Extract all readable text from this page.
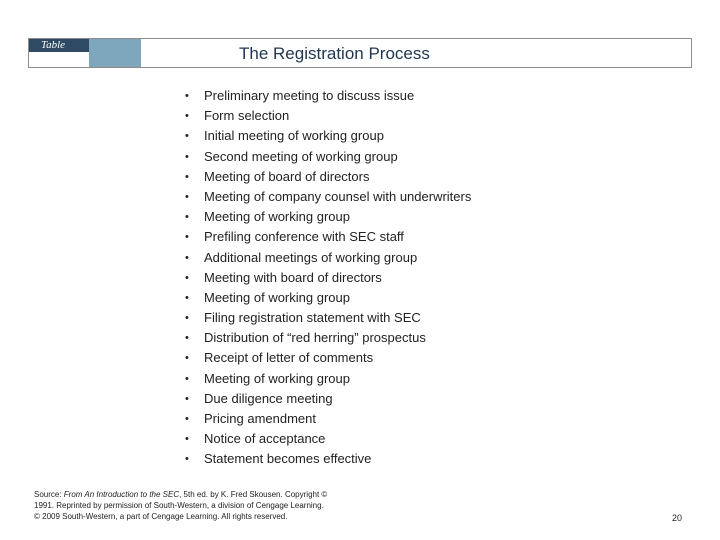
Table	The Registration Process
•	Preliminary meeting to discuss issue
•	Form selection
•	Initial meeting of working group
•	Second meeting of working group
•	Meeting of board of directors
•	Meeting of company counsel with underwriters
•	Meeting of working group
•	Prefiling conference with SEC staff
•	Additional meetings of working group
•	Meeting with board of directors
•	Meeting of working group
•	Filing registration statement with SEC
•	Distribution of “red herring” prospectus
•	Receipt of letter of comments
•	Meeting of working group
•	Due diligence meeting
•	Pricing amendment
•	Notice of acceptance
•	Statement becomes effective
Source: From An Introduction to the SEC, 5th ed. by K. Fred Skousen. Copyright ©
1991. Reprinted by permission of South-Western, a division of Cengage Learning.
© 2009 South-Western, a part of Cengage Learning. All rights reserved.	20
